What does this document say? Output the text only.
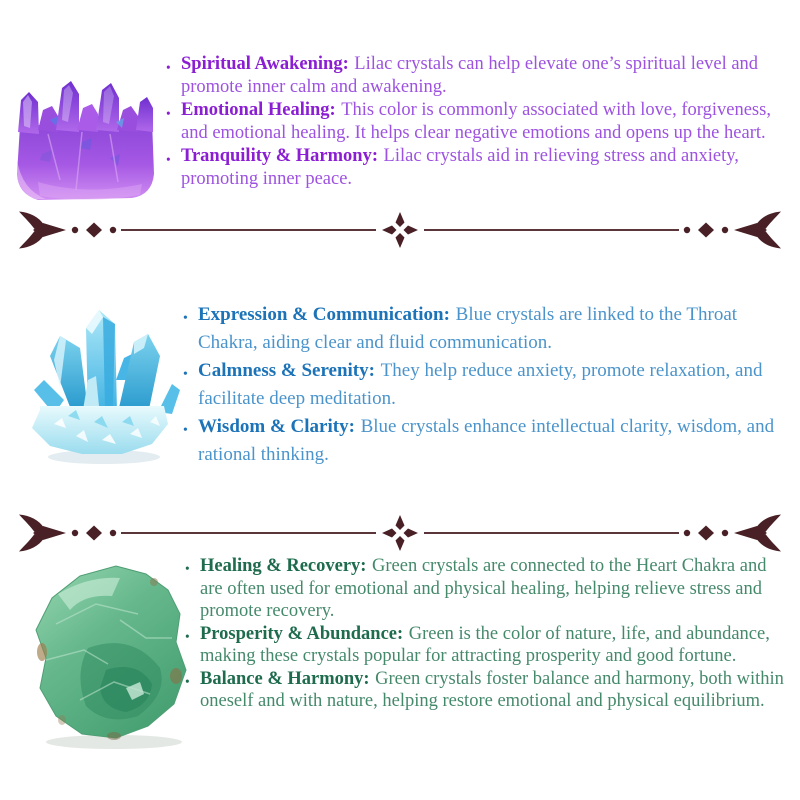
• Spiritual Awakening: Lilac crystals can help elevate one’s spiritual level and promote inner calm and awakening.
• Emotional Healing: This color is commonly associated with love, forgiveness, and emotional healing. It helps clear negative emotions and opens up the heart.
• Tranquility & Harmony: Lilac crystals aid in relieving stress and anxiety, promoting inner peace.
• Expression & Communication: Blue crystals are linked to the Throat Chakra, aiding clear and fluid communication.
• Calmness & Serenity: They help reduce anxiety, promote relaxation, and facilitate deep meditation.
• Wisdom & Clarity: Blue crystals enhance intellectual clarity, wisdom, and rational thinking.
• Healing & Recovery: Green crystals are connected to the Heart Chakra and are often used for emotional and physical healing, helping relieve stress and promote recovery.
• Prosperity & Abundance: Green is the color of nature, life, and abundance, making these crystals popular for attracting prosperity and good fortune.
• Balance & Harmony: Green crystals foster balance and harmony, both within oneself and with nature, helping restore emotional and physical equilibrium.
